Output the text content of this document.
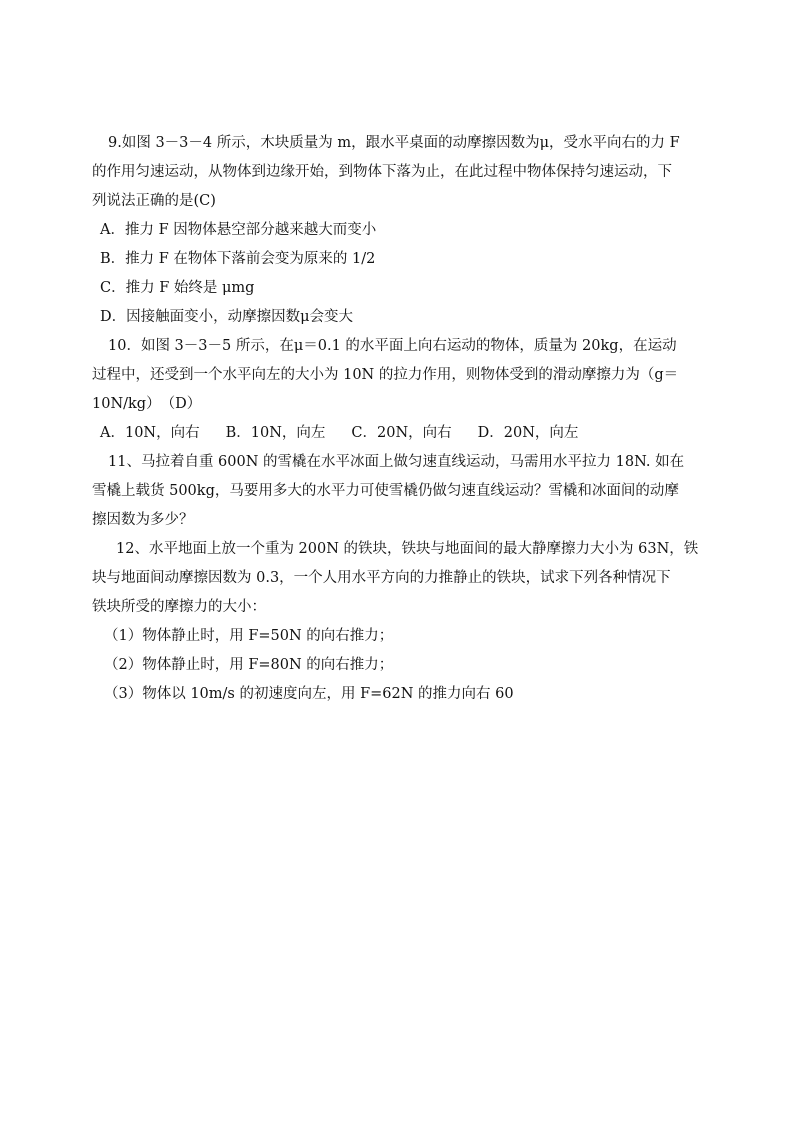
9.如图 3－3－4 所示，木块质量为 m，跟水平桌面的动摩擦因数为μ，受水平向右的力 F

的作用匀速运动，从物体到边缘开始，到物体下落为止，在此过程中物体保持匀速运动，下

列说法正确的是(C)

A．推力 F 因物体悬空部分越来越大而变小

B．推力 F 在物体下落前会变为原来的 1/2

C．推力 F 始终是 μmg

D．因接触面变小，动摩擦因数μ会变大

10．如图 3－3－5 所示，在μ＝0.1 的水平面上向右运动的物体，质量为 20kg，在运动

过程中，还受到一个水平向左的大小为 10N 的拉力作用，则物体受到的滑动摩擦力为（g＝

10N/kg）　（D）

A．10N，向右 B．10N，向左 C．20N，向右 D．20N，向左

11、马拉着自重 600N 的雪橇在水平冰面上做匀速直线运动，马需用水平拉力 18N. 如在

雪橇上载货 500kg，马要用多大的水平力可使雪橇仍做匀速直线运动？雪橇和冰面间的动摩

擦因数为多少？

12、水平地面上放一个重为 200N 的铁块，铁块与地面间的最大静摩擦力大小为 63N，铁

块与地面间动摩擦因数为 0.3，一个人用水平方向的力推静止的铁块，试求下列各种情况下

铁块所受的摩擦力的大小：

（1）物体静止时，用 F=50N 的向右推力；

（2）物体静止时，用 F=80N 的向右推力；

（3）物体以 10m/s 的初速度向左，用 F=62N 的推力向右 60
